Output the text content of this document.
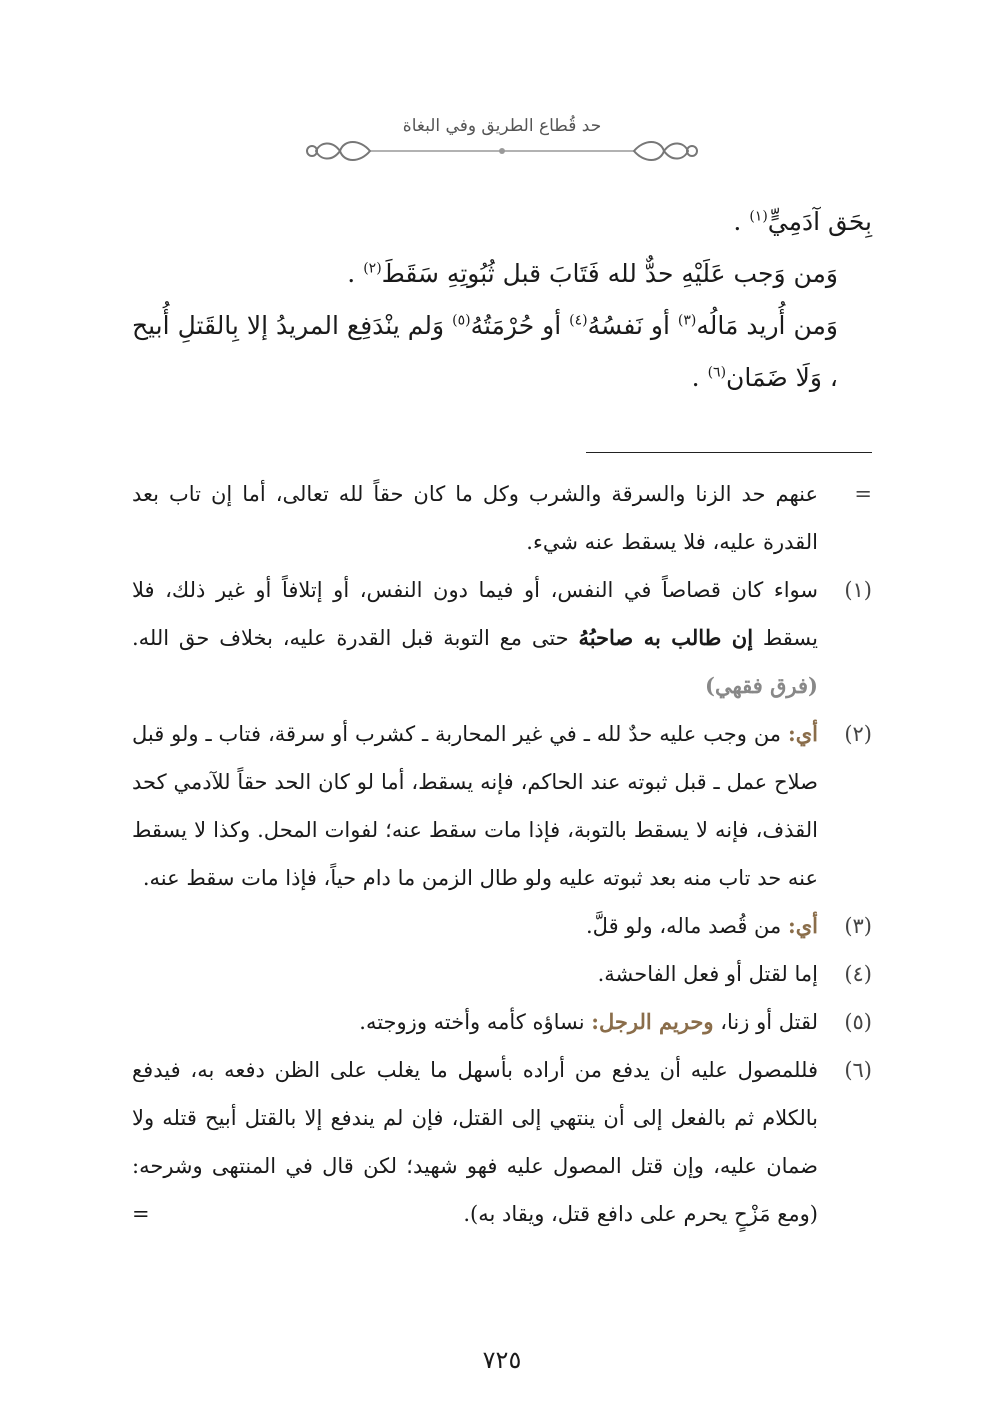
حد قُطاع الطريق وفي البغاة

بِحَق آدَمِيٍّ$^{(١)}$ .

وَمن وَجب عَلَيْهِ حدٌّ لله فَتَابَ قبل ثُبُوتِهِ سَقَطَ$^{(٢)}$ .

وَمن أُريد مَالُه$^{(٣)}$ أو نَفسُهُ$^{(٤)}$ أو حُرْمَتُهُ$^{(٥)}$ وَلم ينْدَفِع المريدُ إلا بِالقَتلِ أُبيح ، وَلَا ضَمَان$^{(٦)}$ .

=
عنهم حد الزنا والسرقة والشرب وكل ما كان حقاً لله تعالى، أما إن تاب بعد القدرة عليه، فلا يسقط عنه شيء.
(١)
سواء كان قصاصاً في النفس، أو فيما دون النفس، أو إتلافاً أو غير ذلك، فلا يسقط إن طالب به صاحبُهُ حتى مع التوبة قبل القدرة عليه، بخلاف حق الله. (فرق فقهي)
(٢)
أي: من وجب عليه حدٌ لله ـ في غير المحاربة ـ كشرب أو سرقة، فتاب ـ ولو قبل صلاح عمل ـ قبل ثبوته عند الحاكم، فإنه يسقط، أما لو كان الحد حقاً للآدمي كحد القذف، فإنه لا يسقط بالتوبة، فإذا مات سقط عنه؛ لفوات المحل. وكذا لا يسقط عنه حد تاب منه بعد ثبوته عليه ولو طال الزمن ما دام حياً، فإذا مات سقط عنه.
(٣)
أي: من قُصد ماله، ولو قلَّ.
(٤)
إما لقتل أو فعل الفاحشة.
(٥)
لقتل أو زنا، وحريم الرجل: نساؤه كأمه وأخته وزوجته.
(٦)
فللمصول عليه أن يدفع من أراده بأسهل ما يغلب على الظن دفعه به، فيدفع بالكلام ثم بالفعل إلى أن ينتهي إلى القتل، فإن لم يندفع إلا بالقتل أبيح قتله ولا ضمان عليه، وإن قتل المصول عليه فهو شهيد؛ لكن قال في المنتهى وشرحه: (ومع مَزْحٍ يحرم على دافع قتل، ويقاد به).
=
٧٢٥
